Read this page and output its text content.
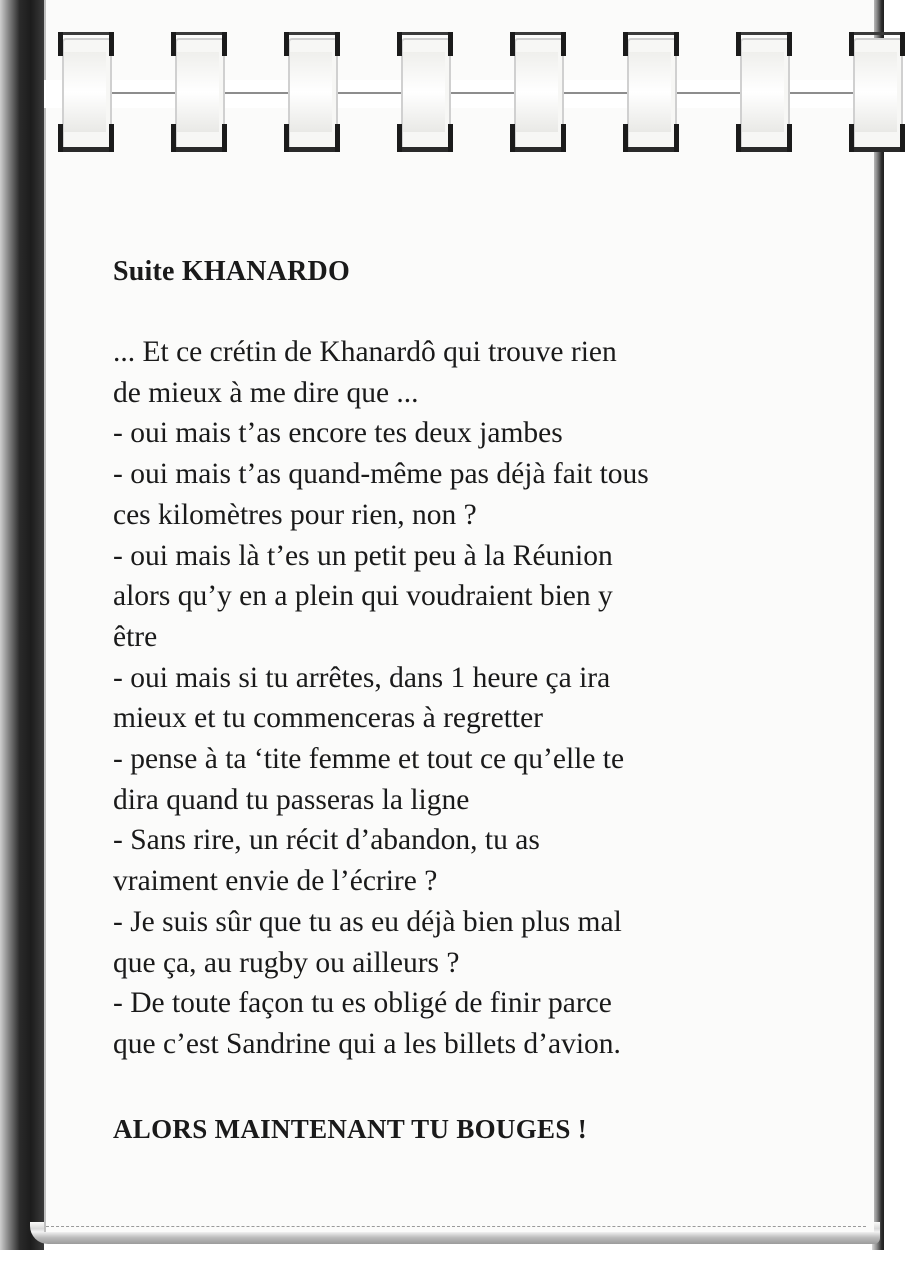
Suite KHANARDO

... Et ce crétin de Khanardô qui trouve rien

de mieux à me dire que ...

- oui mais t’as encore tes deux jambes

- oui mais t’as quand-même pas déjà fait tous

ces kilomètres pour rien, non ?

- oui mais là t’es un petit peu à la Réunion

alors qu’y en a plein qui voudraient bien y

être

- oui mais si tu arrêtes, dans 1 heure ça ira

mieux et tu commenceras à regretter

- pense à ta ‘tite femme et tout ce qu’elle te

dira quand tu passeras la ligne

- Sans rire, un récit d’abandon, tu as

vraiment envie de l’écrire ?

- Je suis sûr que tu as eu déjà bien plus mal

que ça, au rugby ou ailleurs ?

- De toute façon tu es obligé de finir parce

que c’est Sandrine qui a les billets d’avion.

ALORS MAINTENANT TU BOUGES !
